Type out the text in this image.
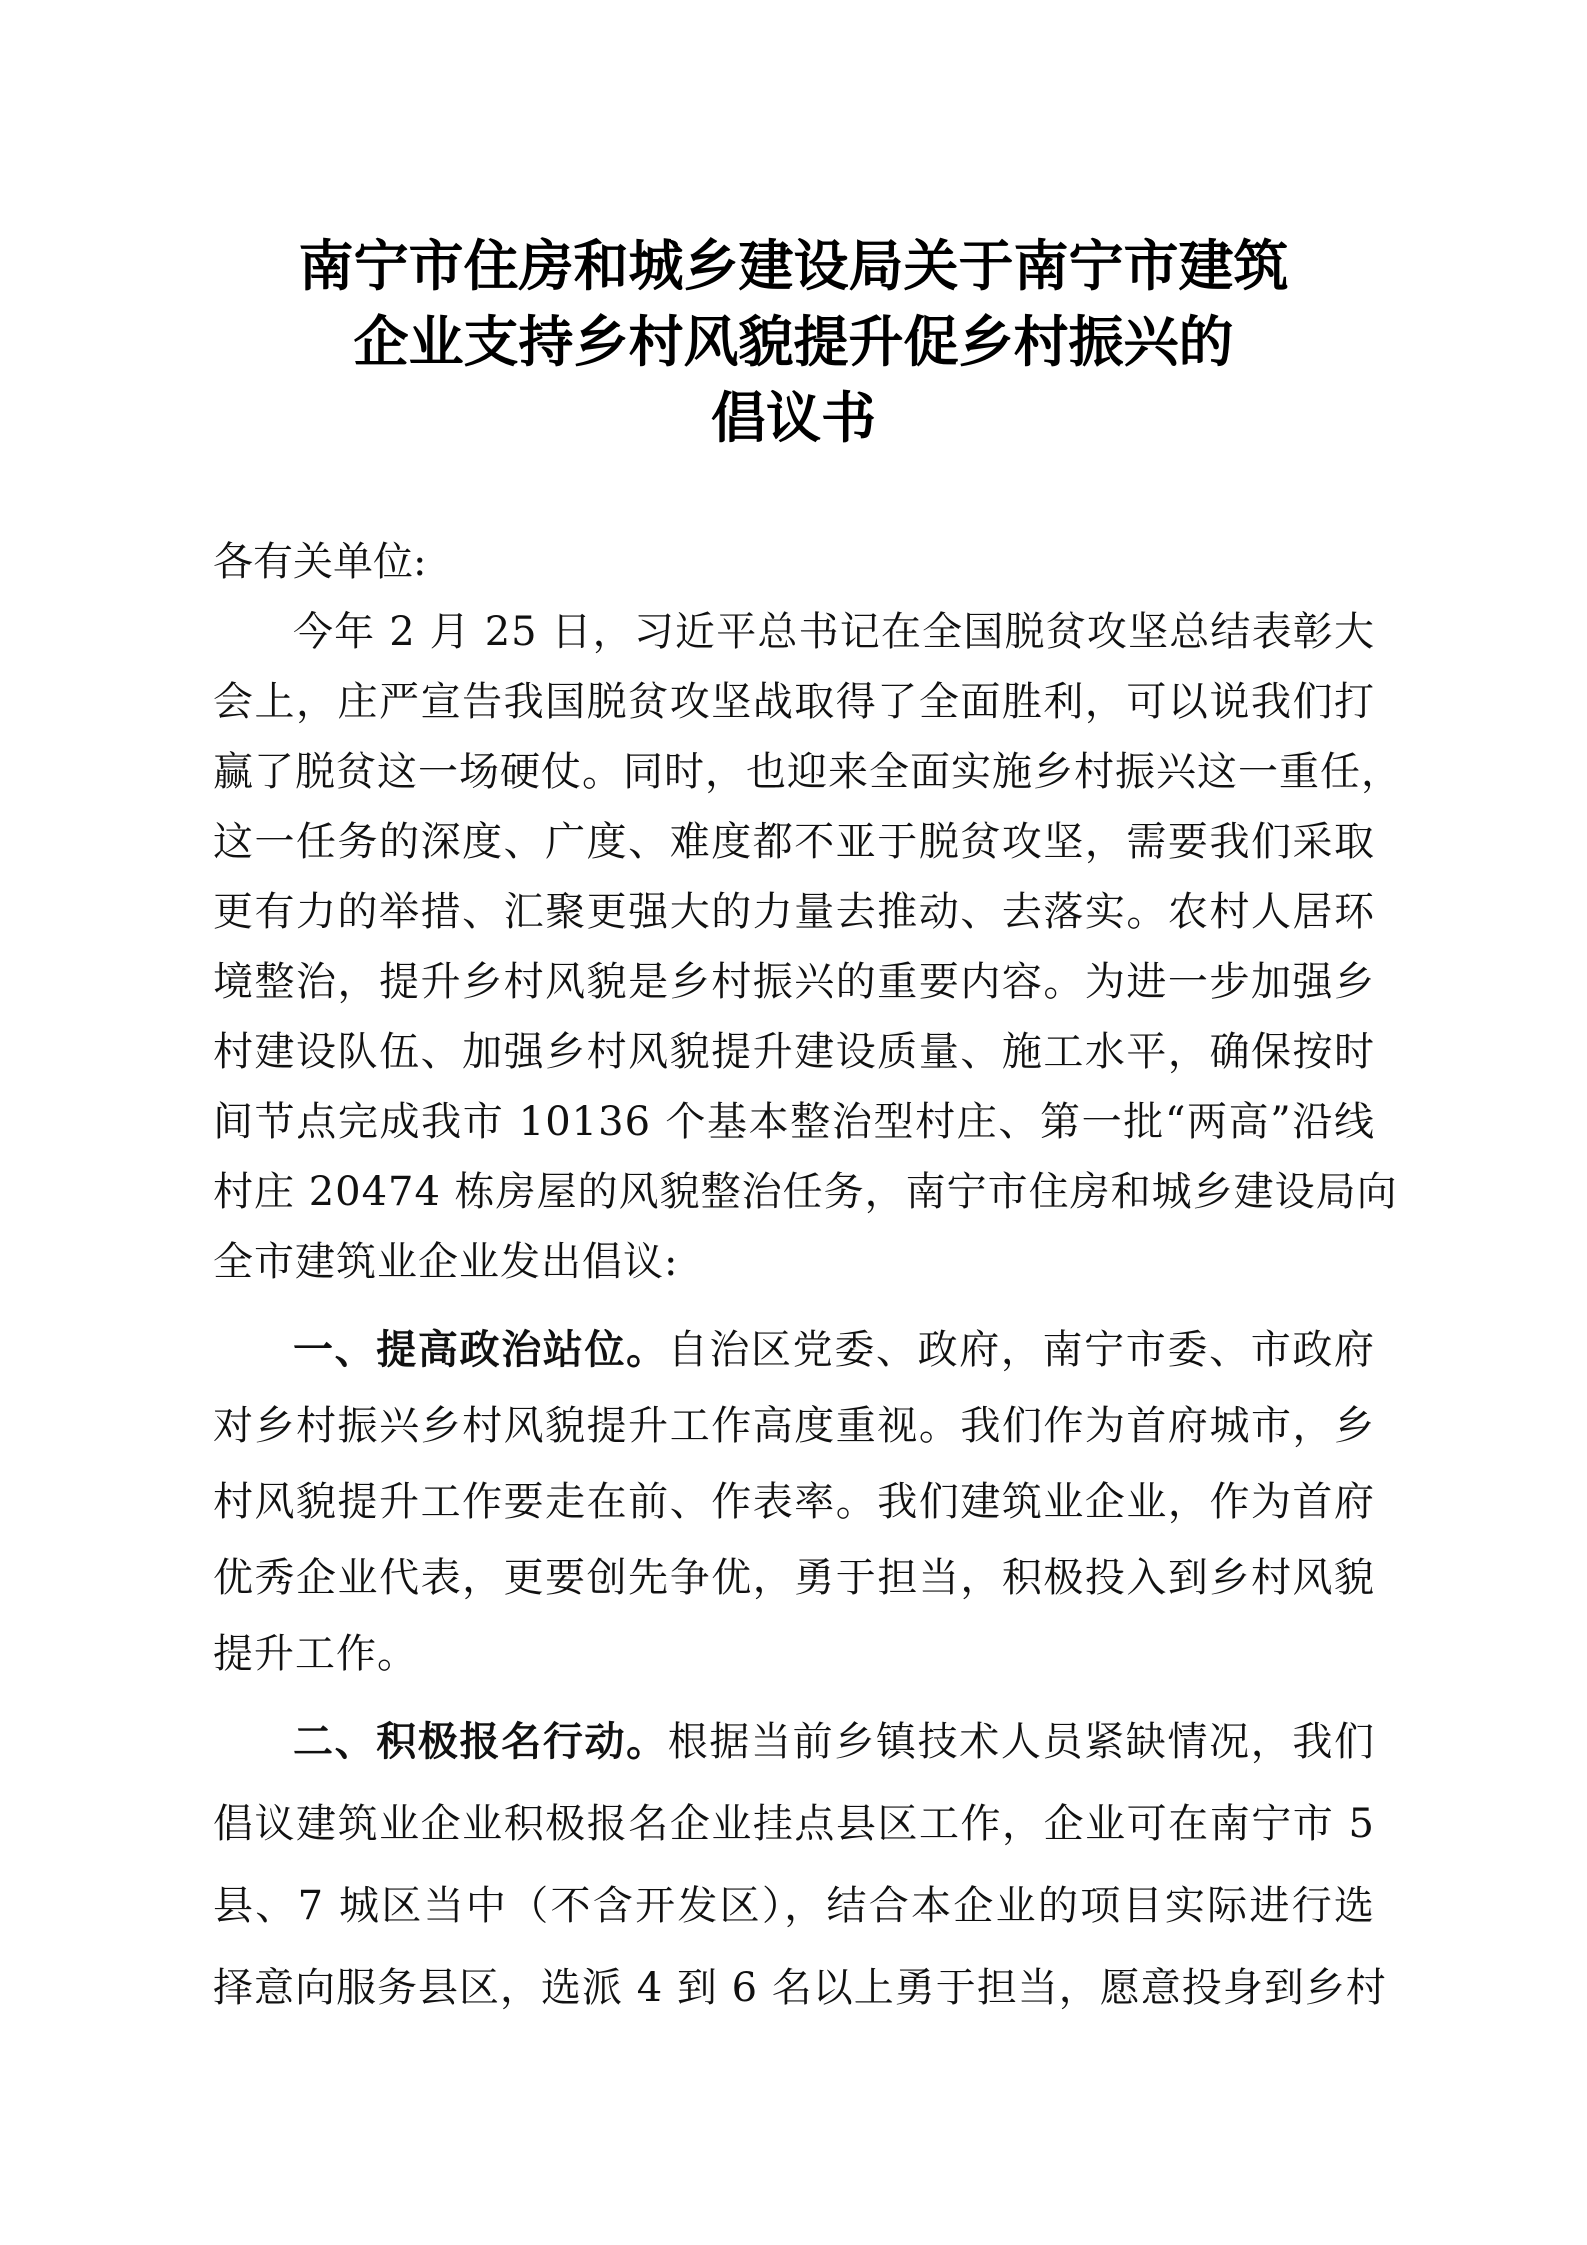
南宁市住房和城乡建设局关于南宁市建筑
企业支持乡村风貌提升促乡村振兴的
倡议书
各有关单位:
今年 2 月 25 日，习近平总书记在全国脱贫攻坚总结表彰大
会上，庄严宣告我国脱贫攻坚战取得了全面胜利，可以说我们打
赢了脱贫这一场硬仗。同时，也迎来全面实施乡村振兴这一重任，
这一任务的深度、广度、难度都不亚于脱贫攻坚，需要我们采取
更有力的举措、汇聚更强大的力量去推动、去落实。农村人居环
境整治，提升乡村风貌是乡村振兴的重要内容。为进一步加强乡
村建设队伍、加强乡村风貌提升建设质量、施工水平，确保按时
间节点完成我市 10136 个基本整治型村庄、第一批“两高”沿线
村庄 20474 栋房屋的风貌整治任务，南宁市住房和城乡建设局向
全市建筑业企业发出倡议:
一、提高政治站位。自治区党委、政府，南宁市委、市政府
对乡村振兴乡村风貌提升工作高度重视。我们作为首府城市，乡
村风貌提升工作要走在前、作表率。我们建筑业企业，作为首府
优秀企业代表，更要创先争优，勇于担当，积极投入到乡村风貌
提升工作。
二、积极报名行动。根据当前乡镇技术人员紧缺情况，我们
倡议建筑业企业积极报名企业挂点县区工作，企业可在南宁市 5
县、7 城区当中（不含开发区），结合本企业的项目实际进行选
择意向服务县区，选派 4 到 6 名以上勇于担当，愿意投身到乡村
